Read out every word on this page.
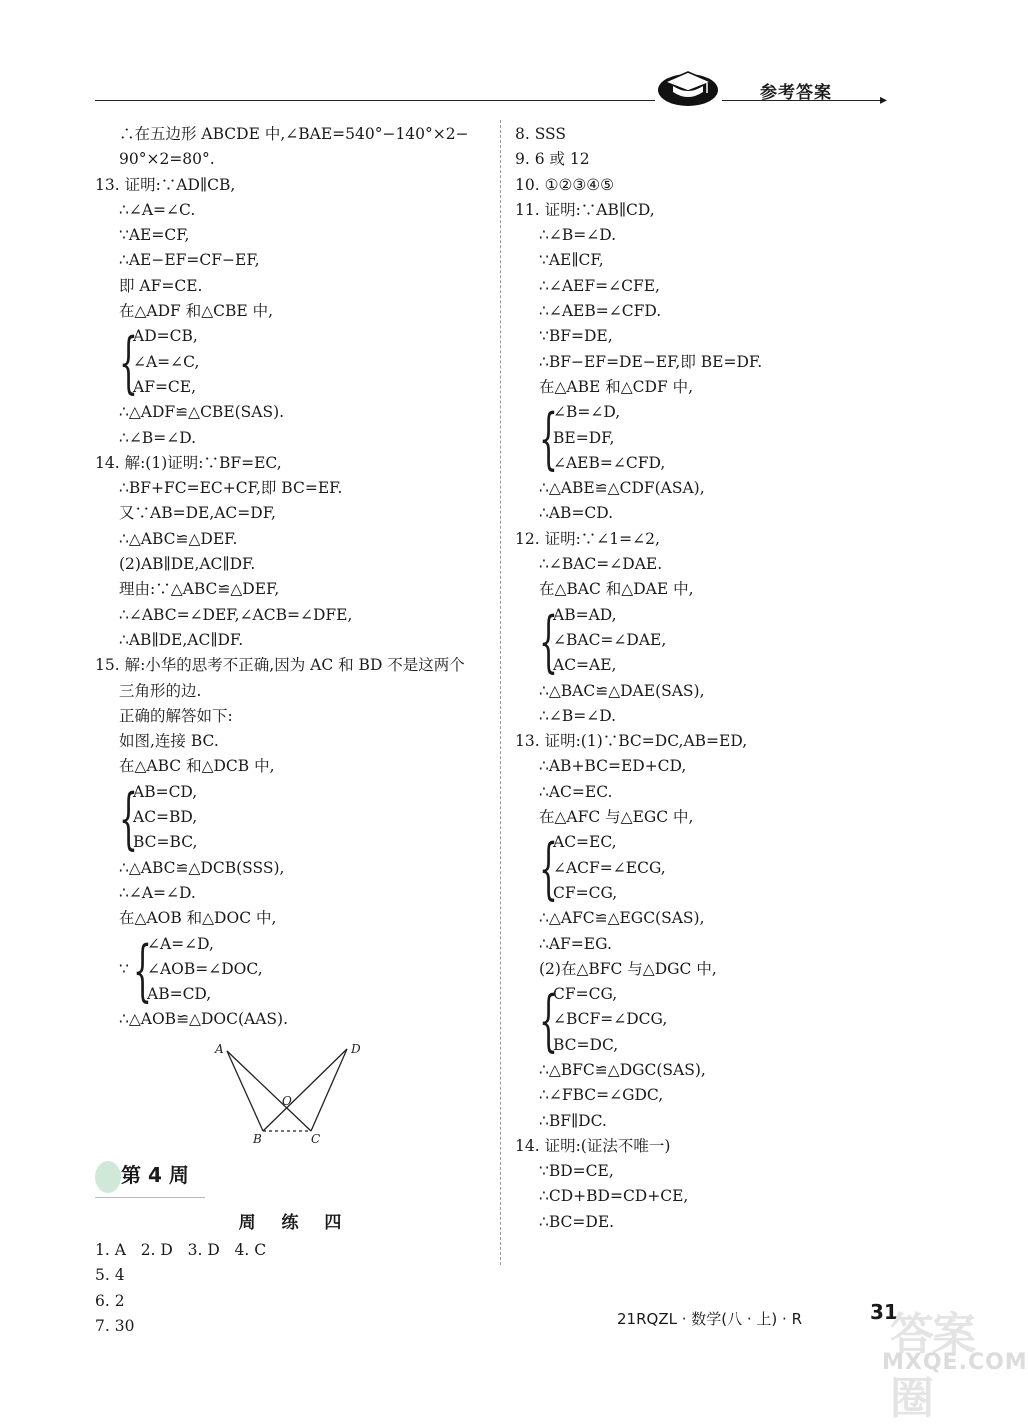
参考答案	▸
∴在五边形 ABCDE 中,∠BAE=540°−140°×2−
90°×2=80°.
13. 证明:∵AD∥CB,
∴∠A=∠C.
∵AE=CF,
∴AE−EF=CF−EF,
即 AF=CE.
在△ADF 和△CBE 中,
{
AD=CB,
∠A=∠C,
AF=CE,
∴△ADF≌△CBE(SAS).
∴∠B=∠D.
14. 解:(1)证明:∵BF=EC,
∴BF+FC=EC+CF,即 BC=EF.
又∵AB=DE,AC=DF,
∴△ABC≌△DEF.
(2)AB∥DE,AC∥DF.
理由:∵△ABC≌△DEF,
∴∠ABC=∠DEF,∠ACB=∠DFE,
∴AB∥DE,AC∥DF.
15. 解:小华的思考不正确,因为 AC 和 BD 不是这两个
三角形的边.
正确的解答如下:
如图,连接 BC.
在△ABC 和△DCB 中,
{
AB=CD,
AC=BD,
BC=BC,
∴△ABC≌△DCB(SSS),
∴∠A=∠D.
在△AOB 和△DOC 中,
∵ {
∠A=∠D,
∠AOB=∠DOC,
AB=CD,
∴△AOB≌△DOC(AAS).
A	D
O
B	C
第 4 周
周 练 四
1. A   2. D   3. D   4. C
5. 4
6. 2
7. 30
8. SSS
9. 6 或 12
10. ①②③④⑤
11. 证明:∵AB∥CD,
∴∠B=∠D.
∵AE∥CF,
∴∠AEF=∠CFE,
∴∠AEB=∠CFD.
∵BF=DE,
∴BF−EF=DE−EF,即 BE=DF.
在△ABE 和△CDF 中,
{
∠B=∠D,
BE=DF,
∠AEB=∠CFD,
∴△ABE≌△CDF(ASA),
∴AB=CD.
12. 证明:∵∠1=∠2,
∴∠BAC=∠DAE.
在△BAC 和△DAE 中,
{
AB=AD,
∠BAC=∠DAE,
AC=AE,
∴△BAC≌△DAE(SAS),
∴∠B=∠D.
13. 证明:(1)∵BC=DC,AB=ED,
∴AB+BC=ED+CD,
∴AC=EC.
在△AFC 与△EGC 中,
{
AC=EC,
∠ACF=∠ECG,
CF=CG,
∴△AFC≌△EGC(SAS),
∴AF=EG.
(2)在△BFC 与△DGC 中,
{
CF=CG,
∠BCF=∠DCG,
BC=DC,
∴△BFC≌△DGC(SAS),
∴∠FBC=∠GDC,
∴BF∥DC.
14. 证明:(证法不唯一)
∵BD=CE,
∴CD+BD=CD+CE,
∴BC=DE.
21RQZL · 数学(八 · 上) · R	31
答案圈
MXQE.COM
